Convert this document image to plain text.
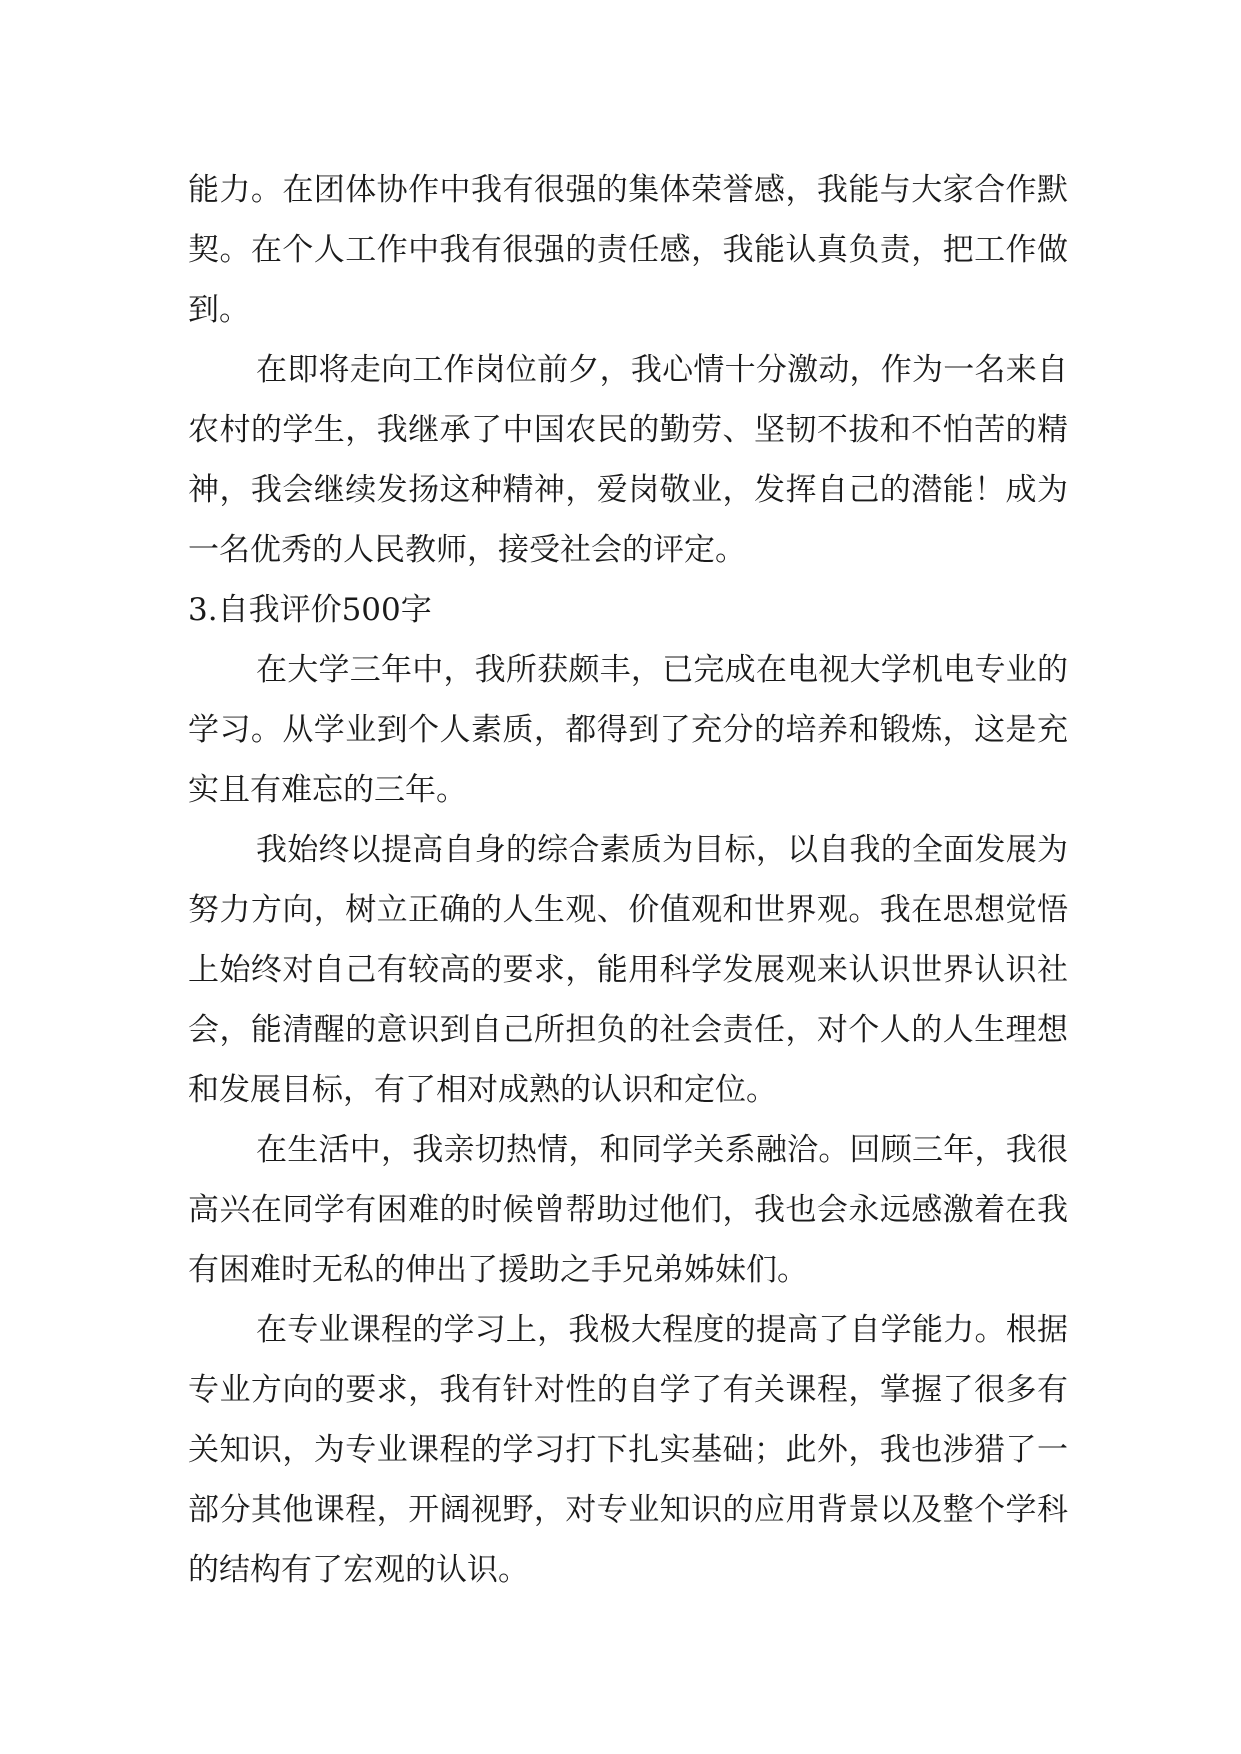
能力。在团体协作中我有很强的集体荣誉感，我能与大家合作默契。在个人工作中我有很强的责任感，我能认真负责，把工作做到。

在即将走向工作岗位前夕，我心情十分激动，作为一名来自农村的学生，我继承了中国农民的勤劳、坚韧不拔和不怕苦的精神，我会继续发扬这种精神，爱岗敬业，发挥自己的潜能！成为一名优秀的人民教师，接受社会的评定。

3.自我评价500字

在大学三年中，我所获颇丰，已完成在电视大学机电专业的学习。从学业到个人素质，都得到了充分的培养和锻炼，这是充实且有难忘的三年。

我始终以提高自身的综合素质为目标，以自我的全面发展为努力方向，树立正确的人生观、价值观和世界观。我在思想觉悟上始终对自己有较高的要求，能用科学发展观来认识世界认识社会，能清醒的意识到自己所担负的社会责任，对个人的人生理想和发展目标，有了相对成熟的认识和定位。

在生活中，我亲切热情，和同学关系融洽。回顾三年，我很高兴在同学有困难的时候曾帮助过他们，我也会永远感激着在我有困难时无私的伸出了援助之手兄弟姊妹们。

在专业课程的学习上，我极大程度的提高了自学能力。根据专业方向的要求，我有针对性的自学了有关课程，掌握了很多有关知识，为专业课程的学习打下扎实基础；此外，我也涉猎了一部分其他课程，开阔视野，对专业知识的应用背景以及整个学科的结构有了宏观的认识。
